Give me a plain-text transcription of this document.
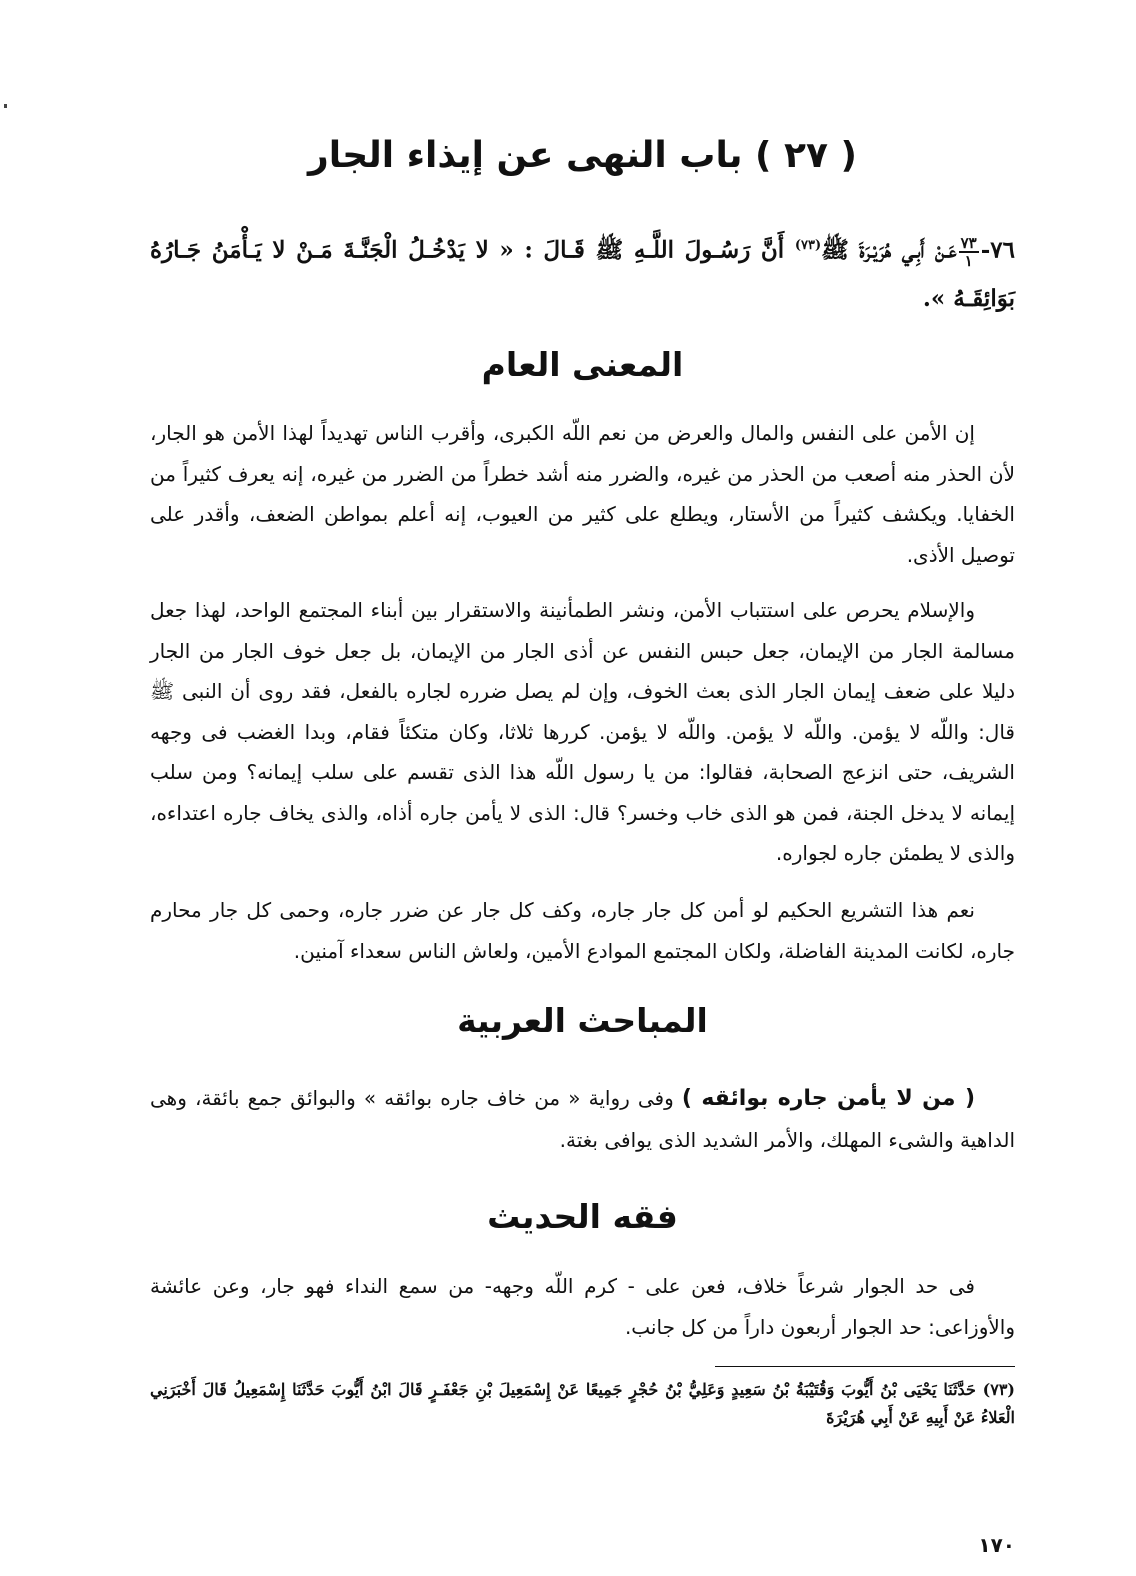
( ٢٧ ) باب النهى عن إيذاء الجار

٧٦-
$\frac{٧٣}{١}$
عَـنْ أَبِـي هُرَيْـرَةَ ﷺ$^{(٧٣)}$ أَنَّ رَسُـولَ اللَّـهِ ﷺ قَـالَ : « لا يَدْخُـلُ الْجَنَّـةَ مَـنْ لا يَـأْمَنُ جَـارُهُ بَوَائِقَـهُ ».

المعنى العام

إن الأمن على النفس والمال والعرض من نعم اللّه الكبرى، وأقرب الناس تهديداً لهذا الأمن هو الجار، لأن الحذر منه أصعب من الحذر من غيره، والضرر منه أشد خطراً من الضرر من غيره، إنه يعرف كثيراً من الخفايا. ويكشف كثيراً من الأستار، ويطلع على كثير من العيوب، إنه أعلم بمواطن الضعف، وأقدر على توصيل الأذى.

والإسلام يحرص على استتباب الأمن، ونشر الطمأنينة والاستقرار بين أبناء المجتمع الواحد، لهذا جعل مسالمة الجار من الإيمان، جعل حبس النفس عن أذى الجار من الإيمان، بل جعل خوف الجار من الجار دليلا على ضعف إيمان الجار الذى بعث الخوف، وإن لم يصل ضرره لجاره بالفعل، فقد روى أن النبى ﷺ قال: واللّه لا يؤمن. واللّه لا يؤمن. واللّه لا يؤمن. كررها ثلاثا، وكان متكئاً فقام، وبدا الغضب فى وجهه الشريف، حتى انزعج الصحابة، فقالوا: من يا رسول اللّه هذا الذى تقسم على سلب إيمانه؟ ومن سلب إيمانه لا يدخل الجنة، فمن هو الذى خاب وخسر؟ قال: الذى لا يأمن جاره أذاه، والذى يخاف جاره اعتداءه، والذى لا يطمئن جاره لجواره.

نعم هذا التشريع الحكيم لو أمن كل جار جاره، وكف كل جار عن ضرر جاره، وحمى كل جار محارم جاره، لكانت المدينة الفاضلة، ولكان المجتمع الموادع الأمين، ولعاش الناس سعداء آمنين.

المباحث العربية

( من لا يأمن جاره بوائقه ) وفى رواية « من خاف جاره بوائقه » والبوائق جمع بائقة، وهى الداهية والشىء المهلك، والأمر الشديد الذى يوافى بغتة.

فقه الحديث

فى حد الجوار شرعاً خلاف، فعن على - كرم اللّه وجهه- من سمع النداء فهو جار، وعن عائشة والأوزاعى: حد الجوار أربعون داراً من كل جانب.

(٧٣) حَدَّثَنَا يَحْيَى بْنُ أَيُّوبَ وَقُتَيْبَةُ بْنُ سَعِيدٍ وَعَلِيُّ بْنُ حُجْرٍ جَمِيعًا عَنْ إِسْمَعِيلَ بْنِ جَعْفَـرٍ قَالَ ابْنُ أَيُّوبَ حَدَّثَنَا إِسْمَعِيلُ قَالَ أَخْبَرَنِي الْعَلاءُ عَنْ أَبِيهِ عَنْ أَبِي هُرَيْرَةَ

١٧٠
